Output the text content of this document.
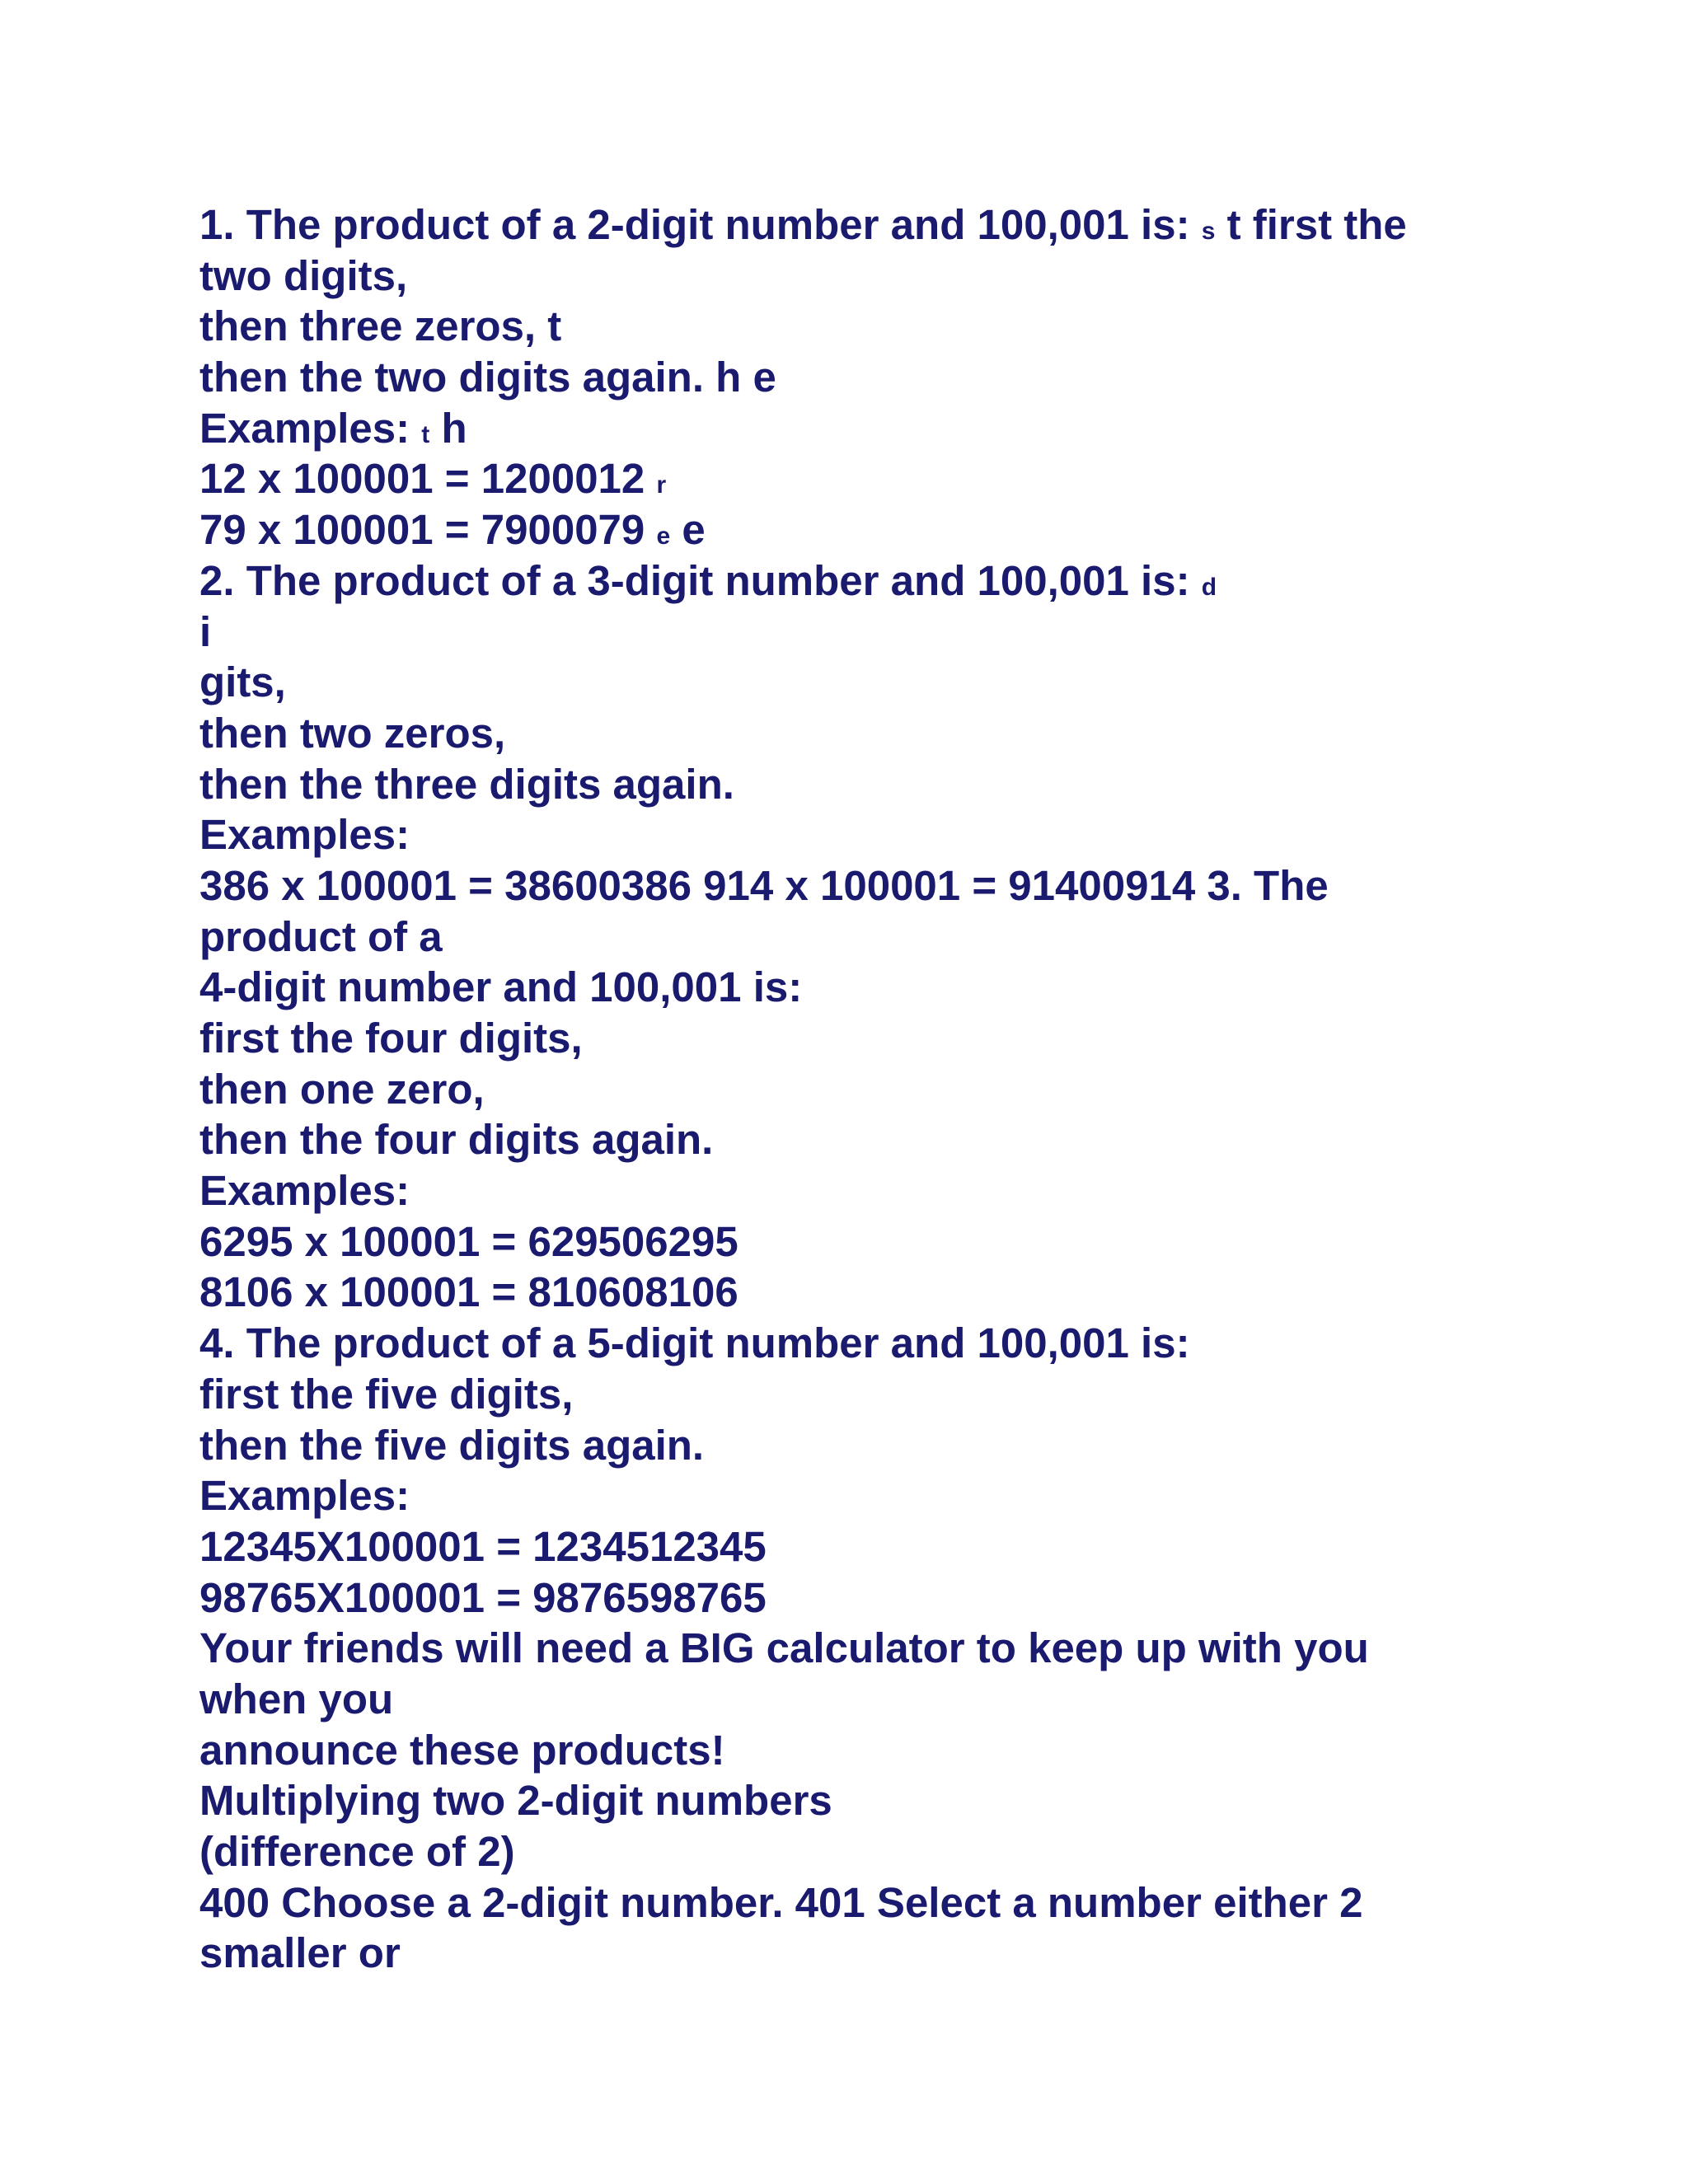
1. The product of a 2-digit number and 100,001 is: s t first the
two digits,
then three zeros, t
then the two digits again. h e
Examples: t h
12 x 100001 = 1200012 r
79 x 100001 = 7900079 e e
2. The product of a 3-digit number and 100,001 is: d
i
gits,
then two zeros,
then the three digits again.
Examples:
386 x 100001 = 38600386 914 x 100001 = 91400914 3. The
product of a
4-digit number and 100,001 is:
first the four digits,
then one zero,
then the four digits again.
Examples:
6295 x 100001 = 629506295
8106 x 100001 = 810608106
4. The product of a 5-digit number and 100,001 is:
first the five digits,
then the five digits again.
Examples:
12345X100001 = 1234512345
98765X100001 = 9876598765
Your friends will need a BIG calculator to keep up with you
when you
announce these products!
Multiplying two 2-digit numbers
(difference of 2)
400 Choose a 2-digit number. 401 Select a number either 2
smaller or
